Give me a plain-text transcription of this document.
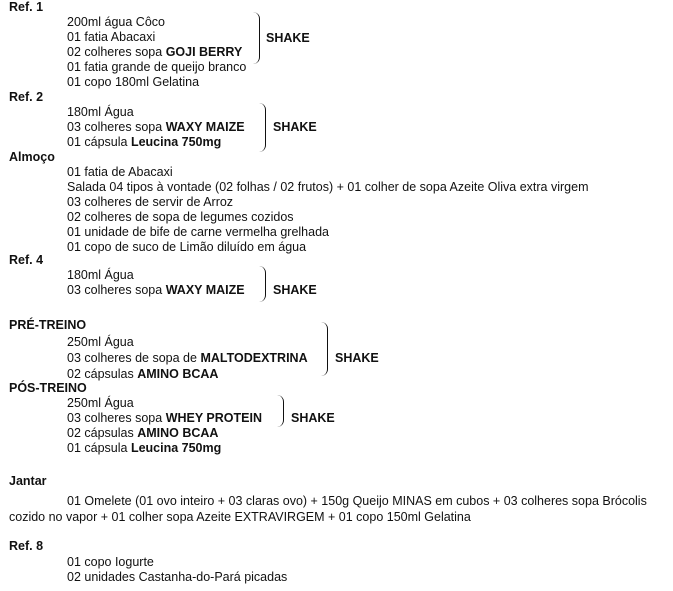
Ref. 1
200ml água Côco
01 fatia Abacaxi
02 colheres sopa GOJI BERRY
01 fatia grande de queijo branco
01 copo 180ml Gelatina
SHAKE
Ref. 2
180ml Água
03 colheres sopa WAXY MAIZE
01 cápsula Leucina 750mg
SHAKE
Almoço
01 fatia de Abacaxi
Salada 04 tipos à vontade (02 folhas / 02 frutos) + 01 colher de sopa Azeite Oliva extra virgem
03 colheres de servir de Arroz
02 colheres de sopa de legumes cozidos
01 unidade de bife de carne vermelha grelhada
01 copo de suco de Limão diluído em água
Ref. 4
180ml Água
03 colheres sopa WAXY MAIZE SHAKE
PRÉ-TREINO
250ml Água
03 colheres de sopa de MALTODEXTRINA
02 cápsulas AMINO BCAA
SHAKE
PÓS-TREINO
250ml Água
03 colheres sopa WHEY PROTEIN
02 cápsulas AMINO BCAA
01 cápsula Leucina 750mg
SHAKE
Jantar
01 Omelete (01 ovo inteiro + 03 claras ovo) + 150g Queijo MINAS em cubos + 03 colheres sopa Brócolis
cozido no vapor + 01 colher sopa Azeite EXTRAVIRGEM + 01 copo 150ml Gelatina
Ref. 8
01 copo Iogurte
02 unidades Castanha-do-Pará picadas
